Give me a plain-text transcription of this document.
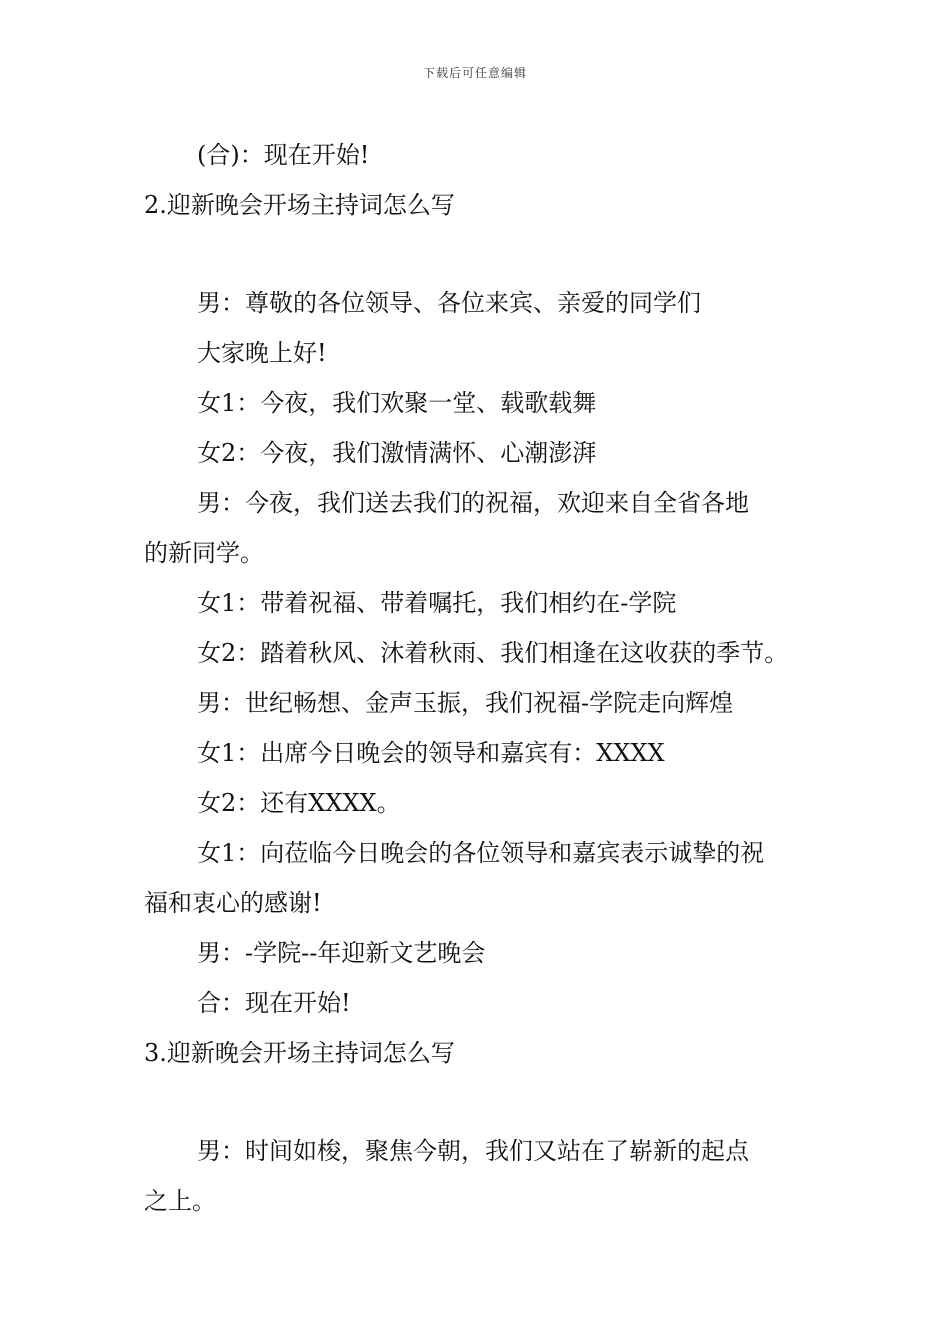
下载后可任意编辑
(合)：现在开始!
2.迎新晚会开场主持词怎么写
男：尊敬的各位领导、各位来宾、亲爱的同学们
大家晚上好!
女1：今夜，我们欢聚一堂、载歌载舞
女2：今夜，我们激情满怀、心潮澎湃
男：今夜，我们送去我们的祝福，欢迎来自全省各地
的新同学。
女1：带着祝福、带着嘱托，我们相约在-学院
女2：踏着秋风、沐着秋雨、我们相逢在这收获的季节。
男：世纪畅想、金声玉振，我们祝福-学院走向辉煌
女1：出席今日晚会的领导和嘉宾有：XXXX
女2：还有XXXX。
女1：向莅临今日晚会的各位领导和嘉宾表示诚挚的祝
福和衷心的感谢!
男：-学院--年迎新文艺晚会
合：现在开始!
3.迎新晚会开场主持词怎么写
男：时间如梭，聚焦今朝，我们又站在了崭新的起点
之上。
